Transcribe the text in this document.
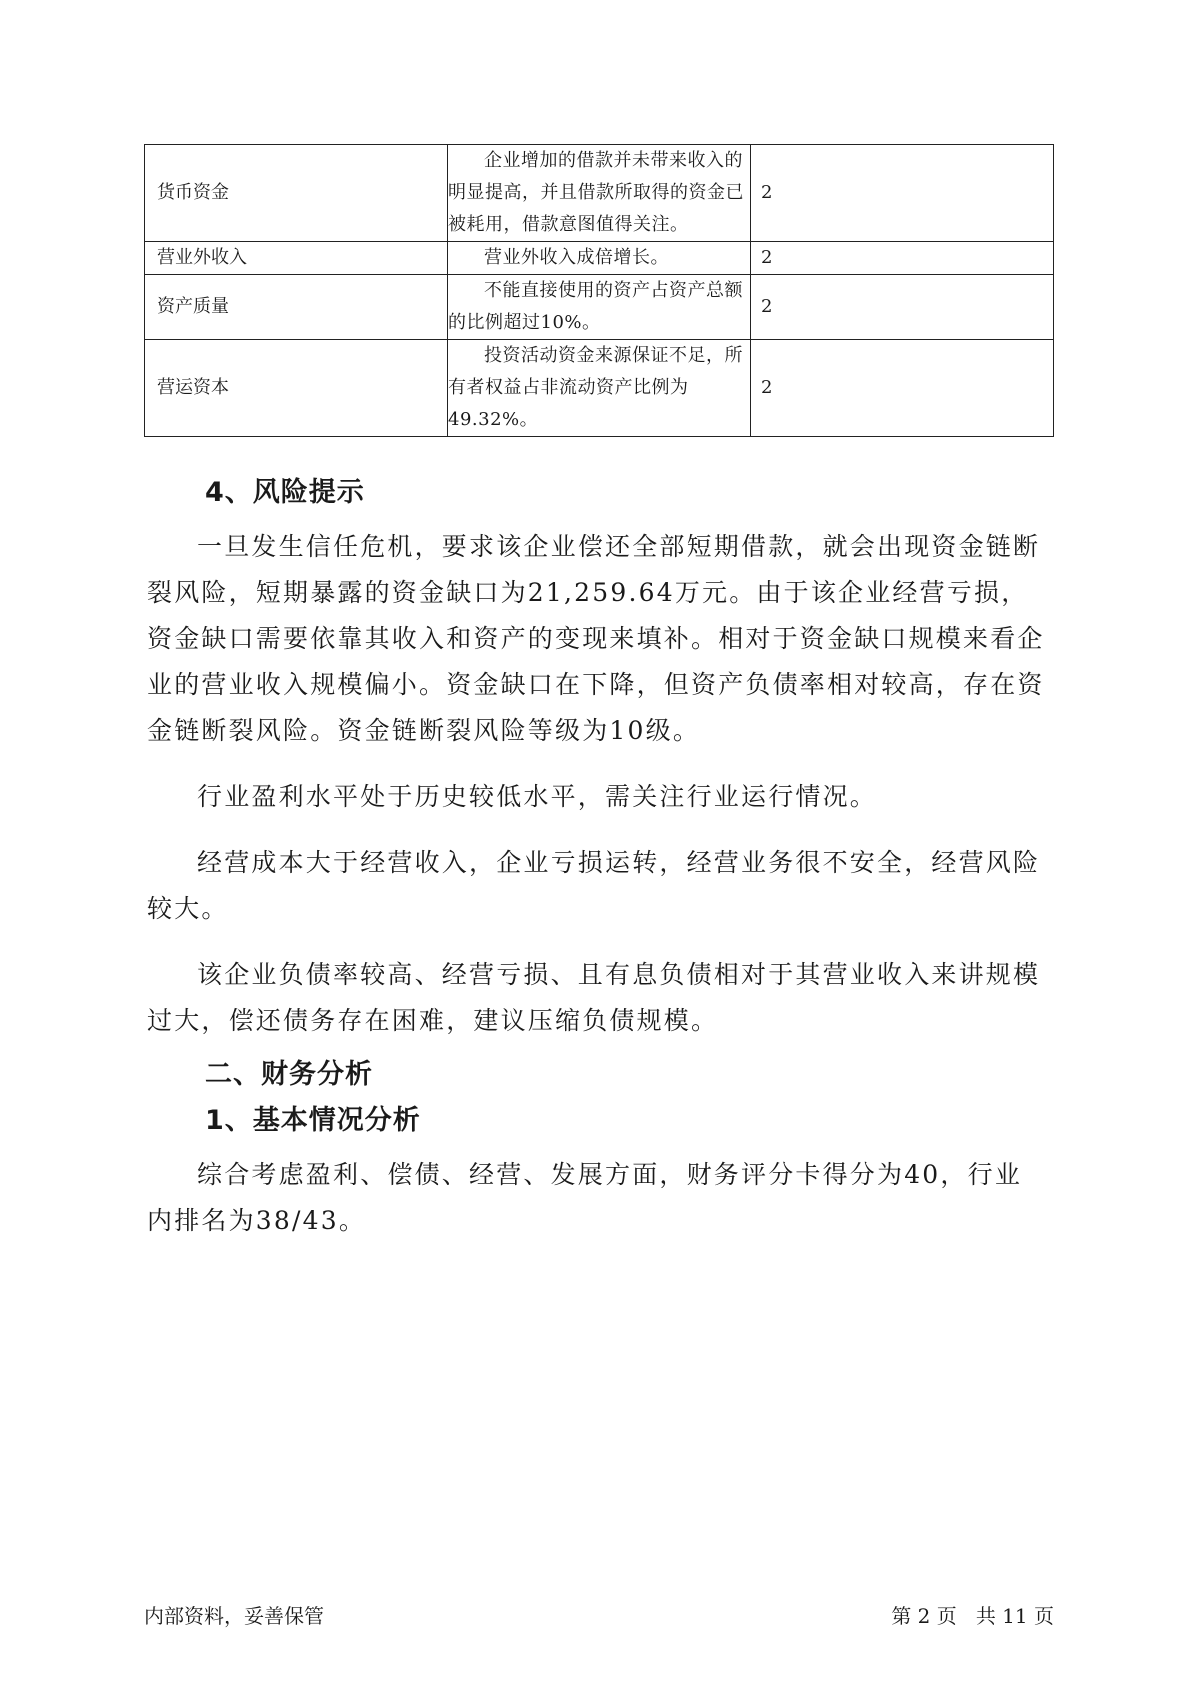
货币资金	企业增加的借款并未带来收入的明显提高，并且借款所取得的资金已被耗用，借款意图值得关注。	2
营业外收入	营业外收入成倍增长。	2
资产质量	不能直接使用的资产占资产总额的比例超过10%。	2
营运资本	投资活动资金来源保证不足，所有者权益占非流动资产比例为49.32%。	2
4、风险提示

一旦发生信任危机，要求该企业偿还全部短期借款，就会出现资金链断裂风险，短期暴露的资金缺口为21,259.64万元。由于该企业经营亏损，资金缺口需要依靠其收入和资产的变现来填补。相对于资金缺口规模来看企业的营业收入规模偏小。资金缺口在下降，但资产负债率相对较高，存在资金链断裂风险。资金链断裂风险等级为10级。

行业盈利水平处于历史较低水平，需关注行业运行情况。

经营成本大于经营收入，企业亏损运转，经营业务很不安全，经营风险较大。

该企业负债率较高、经营亏损、且有息负债相对于其营业收入来讲规模过大，偿还债务存在困难，建议压缩负债规模。

二、财务分析
1、基本情况分析

综合考虑盈利、偿债、经营、发展方面，财务评分卡得分为40，行业内排名为38/43。

内部资料，妥善保管	第 2 页   共 11 页
